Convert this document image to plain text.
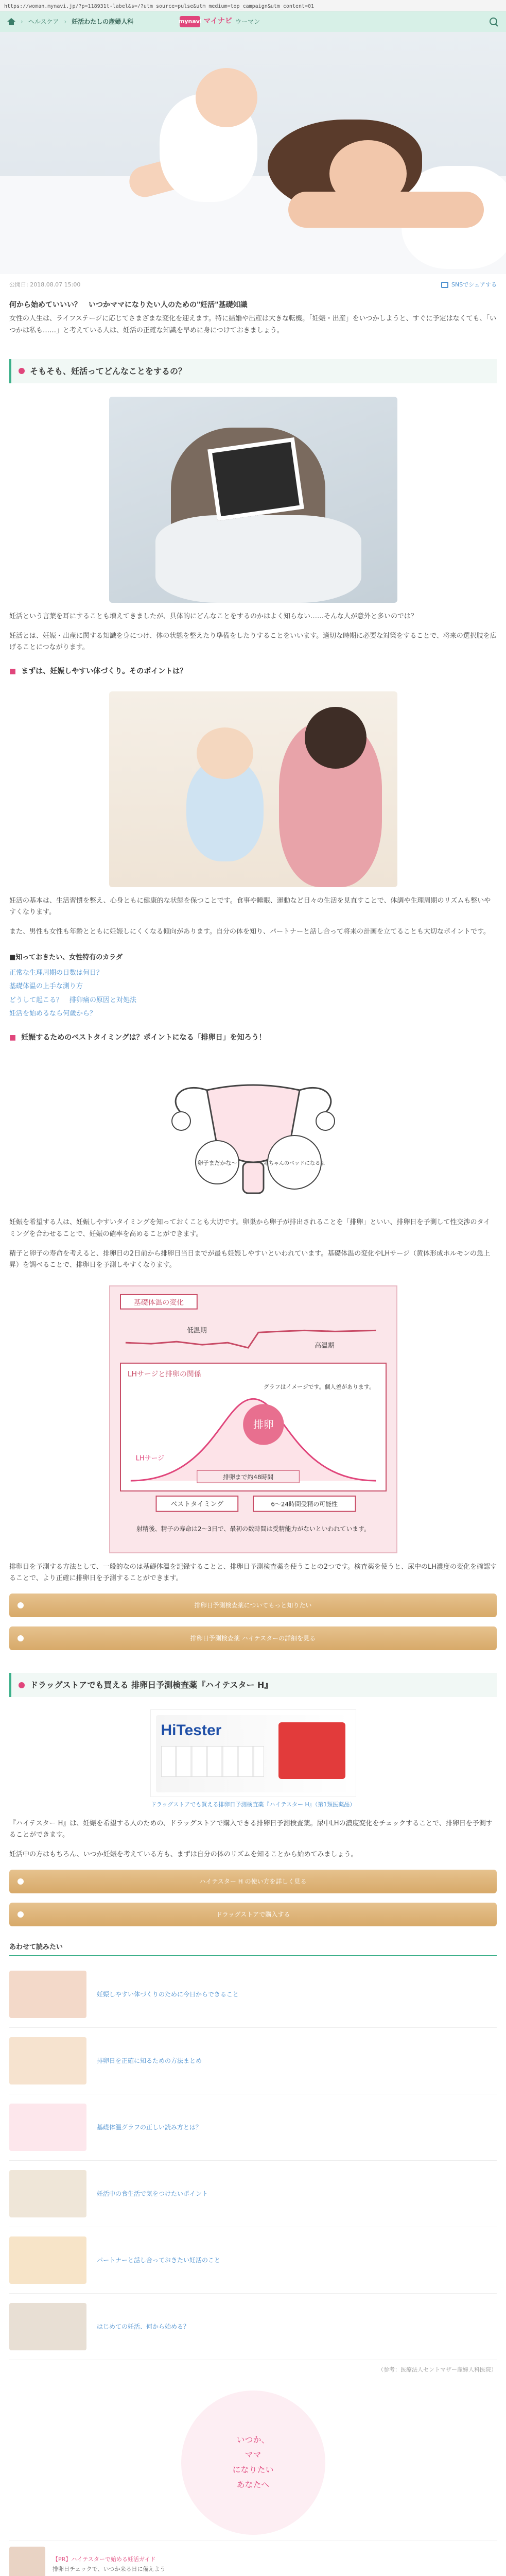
https://woman.mynavi.jp/?p=118931t-label&s=/?utm_source=pulse&utm_medium=top_campaign&utm_content=01
› ヘルスケア › 妊活わたしの産婦人科	mynavi マイナビ ウーマン
公開日: 2018.08.07 15:00	SNSでシェアする
何から始めていいい？　いつかママになりたい人のための"妊活"基礎知識
女性の人生は、ライフステージに応じてさまざまな変化を迎えます。特に結婚や出産は大きな転機。「妊娠・出産」をいつかしようと、すぐに予定はなくても、「いつかは私も……」と考えている人は、妊活の正確な知識を早めに身につけておきましょう。
そもそも、妊活ってどんなことをするの？

妊活という言葉を耳にすることも増えてきましたが、具体的にどんなことをするのかはよく知らない……そんな人が意外と多いのでは？

妊活とは、妊娠・出産に関する知識を身につけ、体の状態を整えたり準備をしたりすることをいいます。適切な時期に必要な対策をすることで、将来の選択肢を広げることにつながります。

■ まずは、妊娠しやすい体づくり。そのポイントは？

妊活の基本は、生活習慣を整え、心身ともに健康的な状態を保つことです。食事や睡眠、運動など日々の生活を見直すことで、体調や生理周期のリズムも整いやすくなります。

また、男性も女性も年齢とともに妊娠しにくくなる傾向があります。自分の体を知り、パートナーと話し合って将来の計画を立てることも大切なポイントです。

■知っておきたい、女性特有のカラダ
正常な生理周期の日数は何日？
基礎体温の上手な測り方
どうして起こる？　排卵痛の原因と対処法
妊活を始めるなら何歳から？
■ 妊娠するためのベストタイミングは？ポイントになる「排卵日」を知ろう！
卵子まだかな～	赤ちゃんのベッドになるよ

妊娠を希望する人は、妊娠しやすいタイミングを知っておくことも大切です。卵巣から卵子が排出されることを「排卵」といい、排卵日を予測して性交渉のタイミングを合わせることで、妊娠の確率を高めることができます。

精子と卵子の寿命を考えると、排卵日の2日前から排卵日当日までが最も妊娠しやすいといわれています。基礎体温の変化やLHサージ（黄体形成ホルモンの急上昇）を調べることで、排卵日を予測しやすくなります。

基礎体温の変化
低温期
高温期
LHサージと排卵の関係
グラフはイメージです。個人差があります。
排卵
LHサージ
排卵まで約48時間
ベストタイミング	6〜24時間受精の可能性
射精後、精子の寿命は2〜3日で、最初の数時間は受精能力がないといわれています。

排卵日を予測する方法として、一般的なのは基礎体温を記録することと、排卵日予測検査薬を使うことの2つです。検査薬を使うと、尿中のLH濃度の変化を確認することで、より正確に排卵日を予測することができます。

排卵日予測検査薬についてもっと知りたい
排卵日予測検査薬 ハイテスターの詳細を見る
ドラッグストアでも買える 排卵日予測検査薬『ハイテスター H』
HiTester
ドラッグストアでも買える排卵日予測検査薬『ハイテスター H』（第1類医薬品）

『ハイテスター H』は、妊娠を希望する人のための、ドラッグストアで購入できる排卵日予測検査薬。尿中LHの濃度変化をチェックすることで、排卵日を予測することができます。

妊活中の方はもちろん、いつか妊娠を考えている方も、まずは自分の体のリズムを知ることから始めてみましょう。

ハイテスター H の使い方を詳しく見る
ドラッグストアで購入する
あわせて読みたい
妊娠しやすい体づくりのために今日からできること
排卵日を正確に知るための方法まとめ
基礎体温グラフの正しい読み方とは？
妊活中の食生活で気をつけたいポイント
パートナーと話し合っておきたい妊活のこと
はじめての妊活、何から始める？
（参考：医療法人セントマザー産婦人科医院）
いつか、
ママ
になりたい
あなたへ
【PR】ハイテスターで始める妊活ガイド
排卵日チェックで、いつか来る日に備えよう
